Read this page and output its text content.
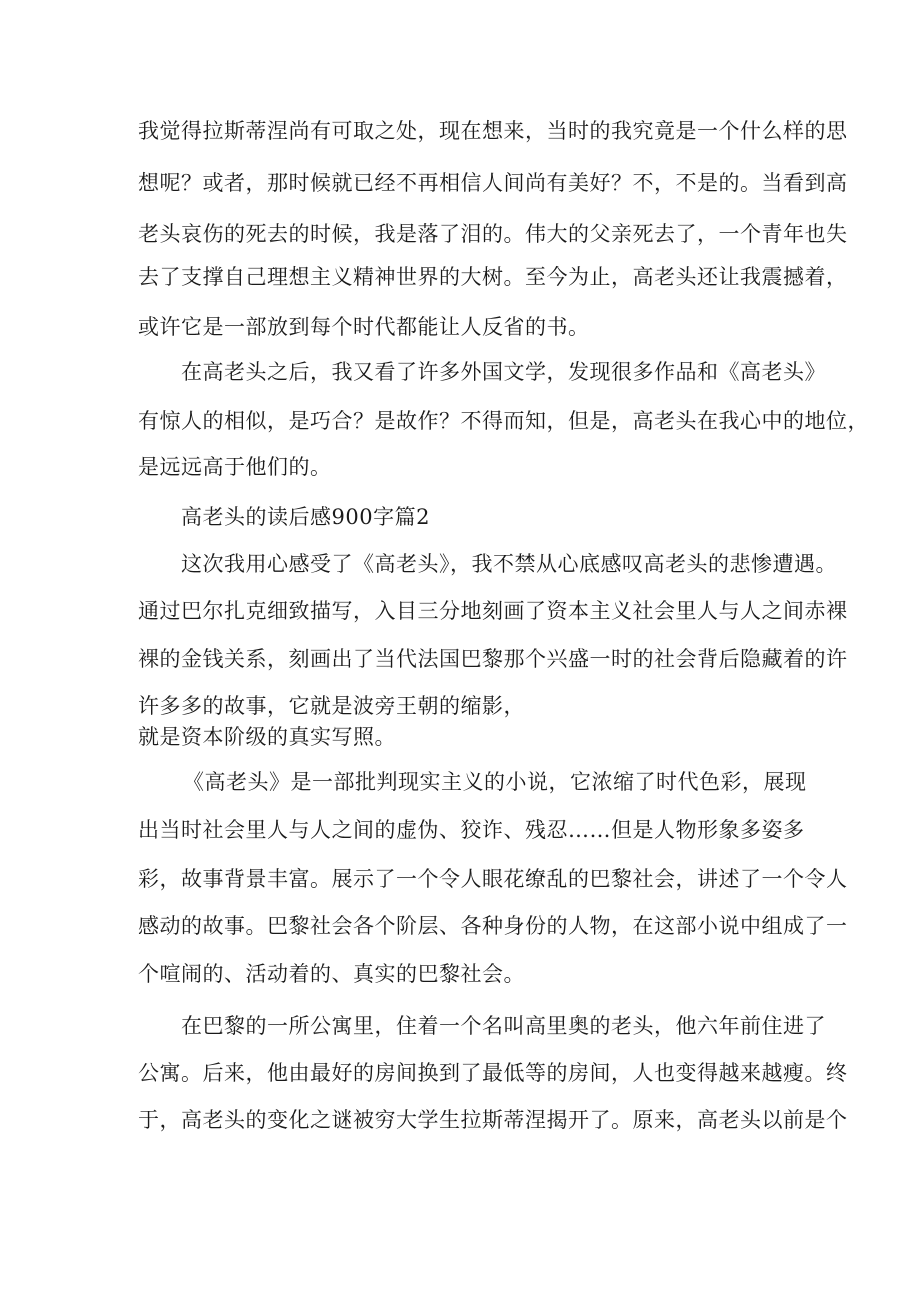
我觉得拉斯蒂涅尚有可取之处，现在想来，当时的我究竟是一个什么样的思
想呢？或者，那时候就已经不再相信人间尚有美好？不，不是的。当看到高
老头哀伤的死去的时候，我是落了泪的。伟大的父亲死去了，一个青年也失
去了支撑自己理想主义精神世界的大树。至今为止，高老头还让我震撼着，
或许它是一部放到每个时代都能让人反省的书。
在高老头之后，我又看了许多外国文学，发现很多作品和《高老头》
有惊人的相似，是巧合？是故作？不得而知，但是，高老头在我心中的地位，
是远远高于他们的。
高老头的读后感900字篇2
这次我用心感受了《高老头》，我不禁从心底感叹高老头的悲惨遭遇。
通过巴尔扎克细致描写，入目三分地刻画了资本主义社会里人与人之间赤裸
裸的金钱关系，刻画出了当代法国巴黎那个兴盛一时的社会背后隐藏着的许
许多多的故事，它就是波旁王朝的缩影，
就是资本阶级的真实写照。
《高老头》是一部批判现实主义的小说，它浓缩了时代色彩，展现
出当时社会里人与人之间的虚伪、狡诈、残忍……但是人物形象多姿多
彩，故事背景丰富。展示了一个令人眼花缭乱的巴黎社会，讲述了一个令人
感动的故事。巴黎社会各个阶层、各种身份的人物，在这部小说中组成了一
个喧闹的、活动着的、真实的巴黎社会。
在巴黎的一所公寓里，住着一个名叫高里奥的老头，他六年前住进了
公寓。后来，他由最好的房间换到了最低等的房间，人也变得越来越瘦。终
于，高老头的变化之谜被穷大学生拉斯蒂涅揭开了。原来，高老头以前是个
